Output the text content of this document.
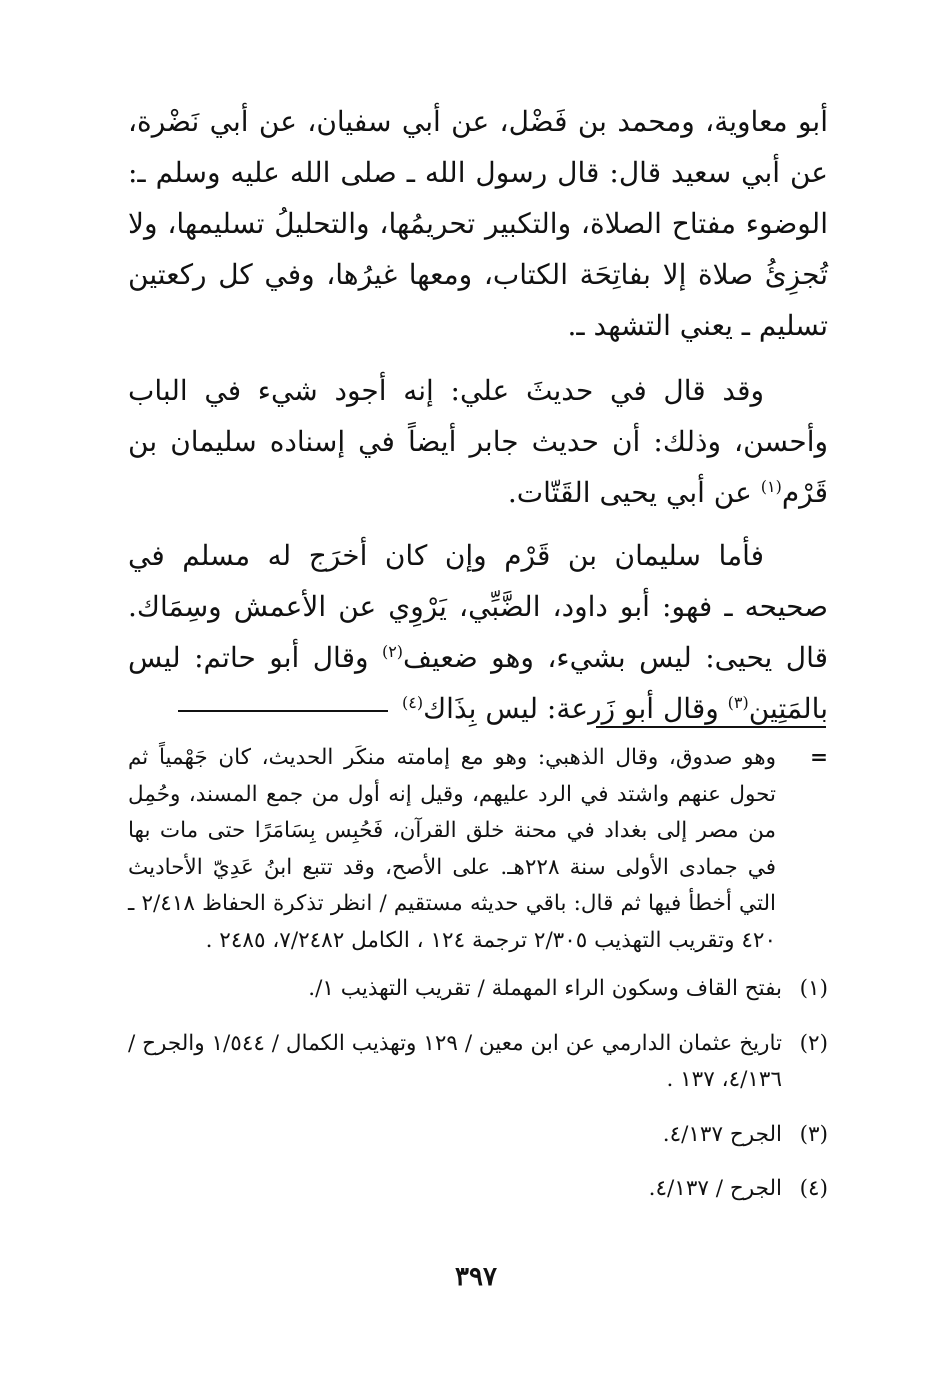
أبو معاوية، ومحمد بن فَضْل، عن أبي سفيان، عن أبي نَضْرة، عن أبي سعيد قال: قال رسول الله ـ صلى الله عليه وسلم ـ: الوضوء مفتاح الصلاة، والتكبير تحريمُها، والتحليلُ تسليمها، ولا تُجزِئُ صلاة إلا بفاتِحَة الكتاب، ومعها غيرُها، وفي كل ركعتين تسليم ـ يعني التشهد ـ.

وقد قال في حديثَ علي: إنه أجود شيء في الباب وأحسن، وذلك: أن حديث جابر أيضاً في إسناده سليمان بن قَرْم$^{(١)}$ عن أبي يحيى القَتّات.

فأما سليمان بن قَرْم وإن كان أخرَج له مسلم في صحيحه ـ فهو: أبو داود، الضَّبِّي، يَرْوِي عن الأعمش وسِمَاك. قال يحيى: ليس بشيء، وهو ضعيف$^{(٢)}$ وقال أبو حاتم: ليس بالمَتِين$^{(٣)}$ وقال أبو زَرعة: ليس بِذَاك$^{(٤)}$

=
وهو صدوق، وقال الذهبي: وهو مع إمامته منكَر الحديث، كان جَهْمياً ثم تحول عنهم واشتد في الرد عليهم، وقيل إنه أول من جمع المسند، وحُمِل من مصر إلى بغداد في محنة خلق القرآن، فَحُبِس بِسَامَرًا حتى مات بها في جمادى الأولى سنة ٢٢٨هـ. على الأصح، وقد تتبع ابنُ عَدِيّ الأحاديث التي أخطأ فيها ثم قال: باقي حديثه مستقيم / انظر تذكرة الحفاظ ٢/٤١٨ ـ ٤٢٠ وتقريب التهذيب ٢/٣٠٥ ترجمة ١٢٤ ، الكامل ٧/٢٤٨٢، ٢٤٨٥ .
(١)
بفتح القاف وسكون الراء المهملة / تقريب التهذيب ١/.
(٢)
تاريخ عثمان الدارمي عن ابن معين / ١٢٩ وتهذيب الكمال / ١/٥٤٤ والجرح / ٤/١٣٦، ١٣٧ .
(٣)
الجرح ٤/١٣٧.
(٤)
الجرح / ٤/١٣٧.
٣٩٧
